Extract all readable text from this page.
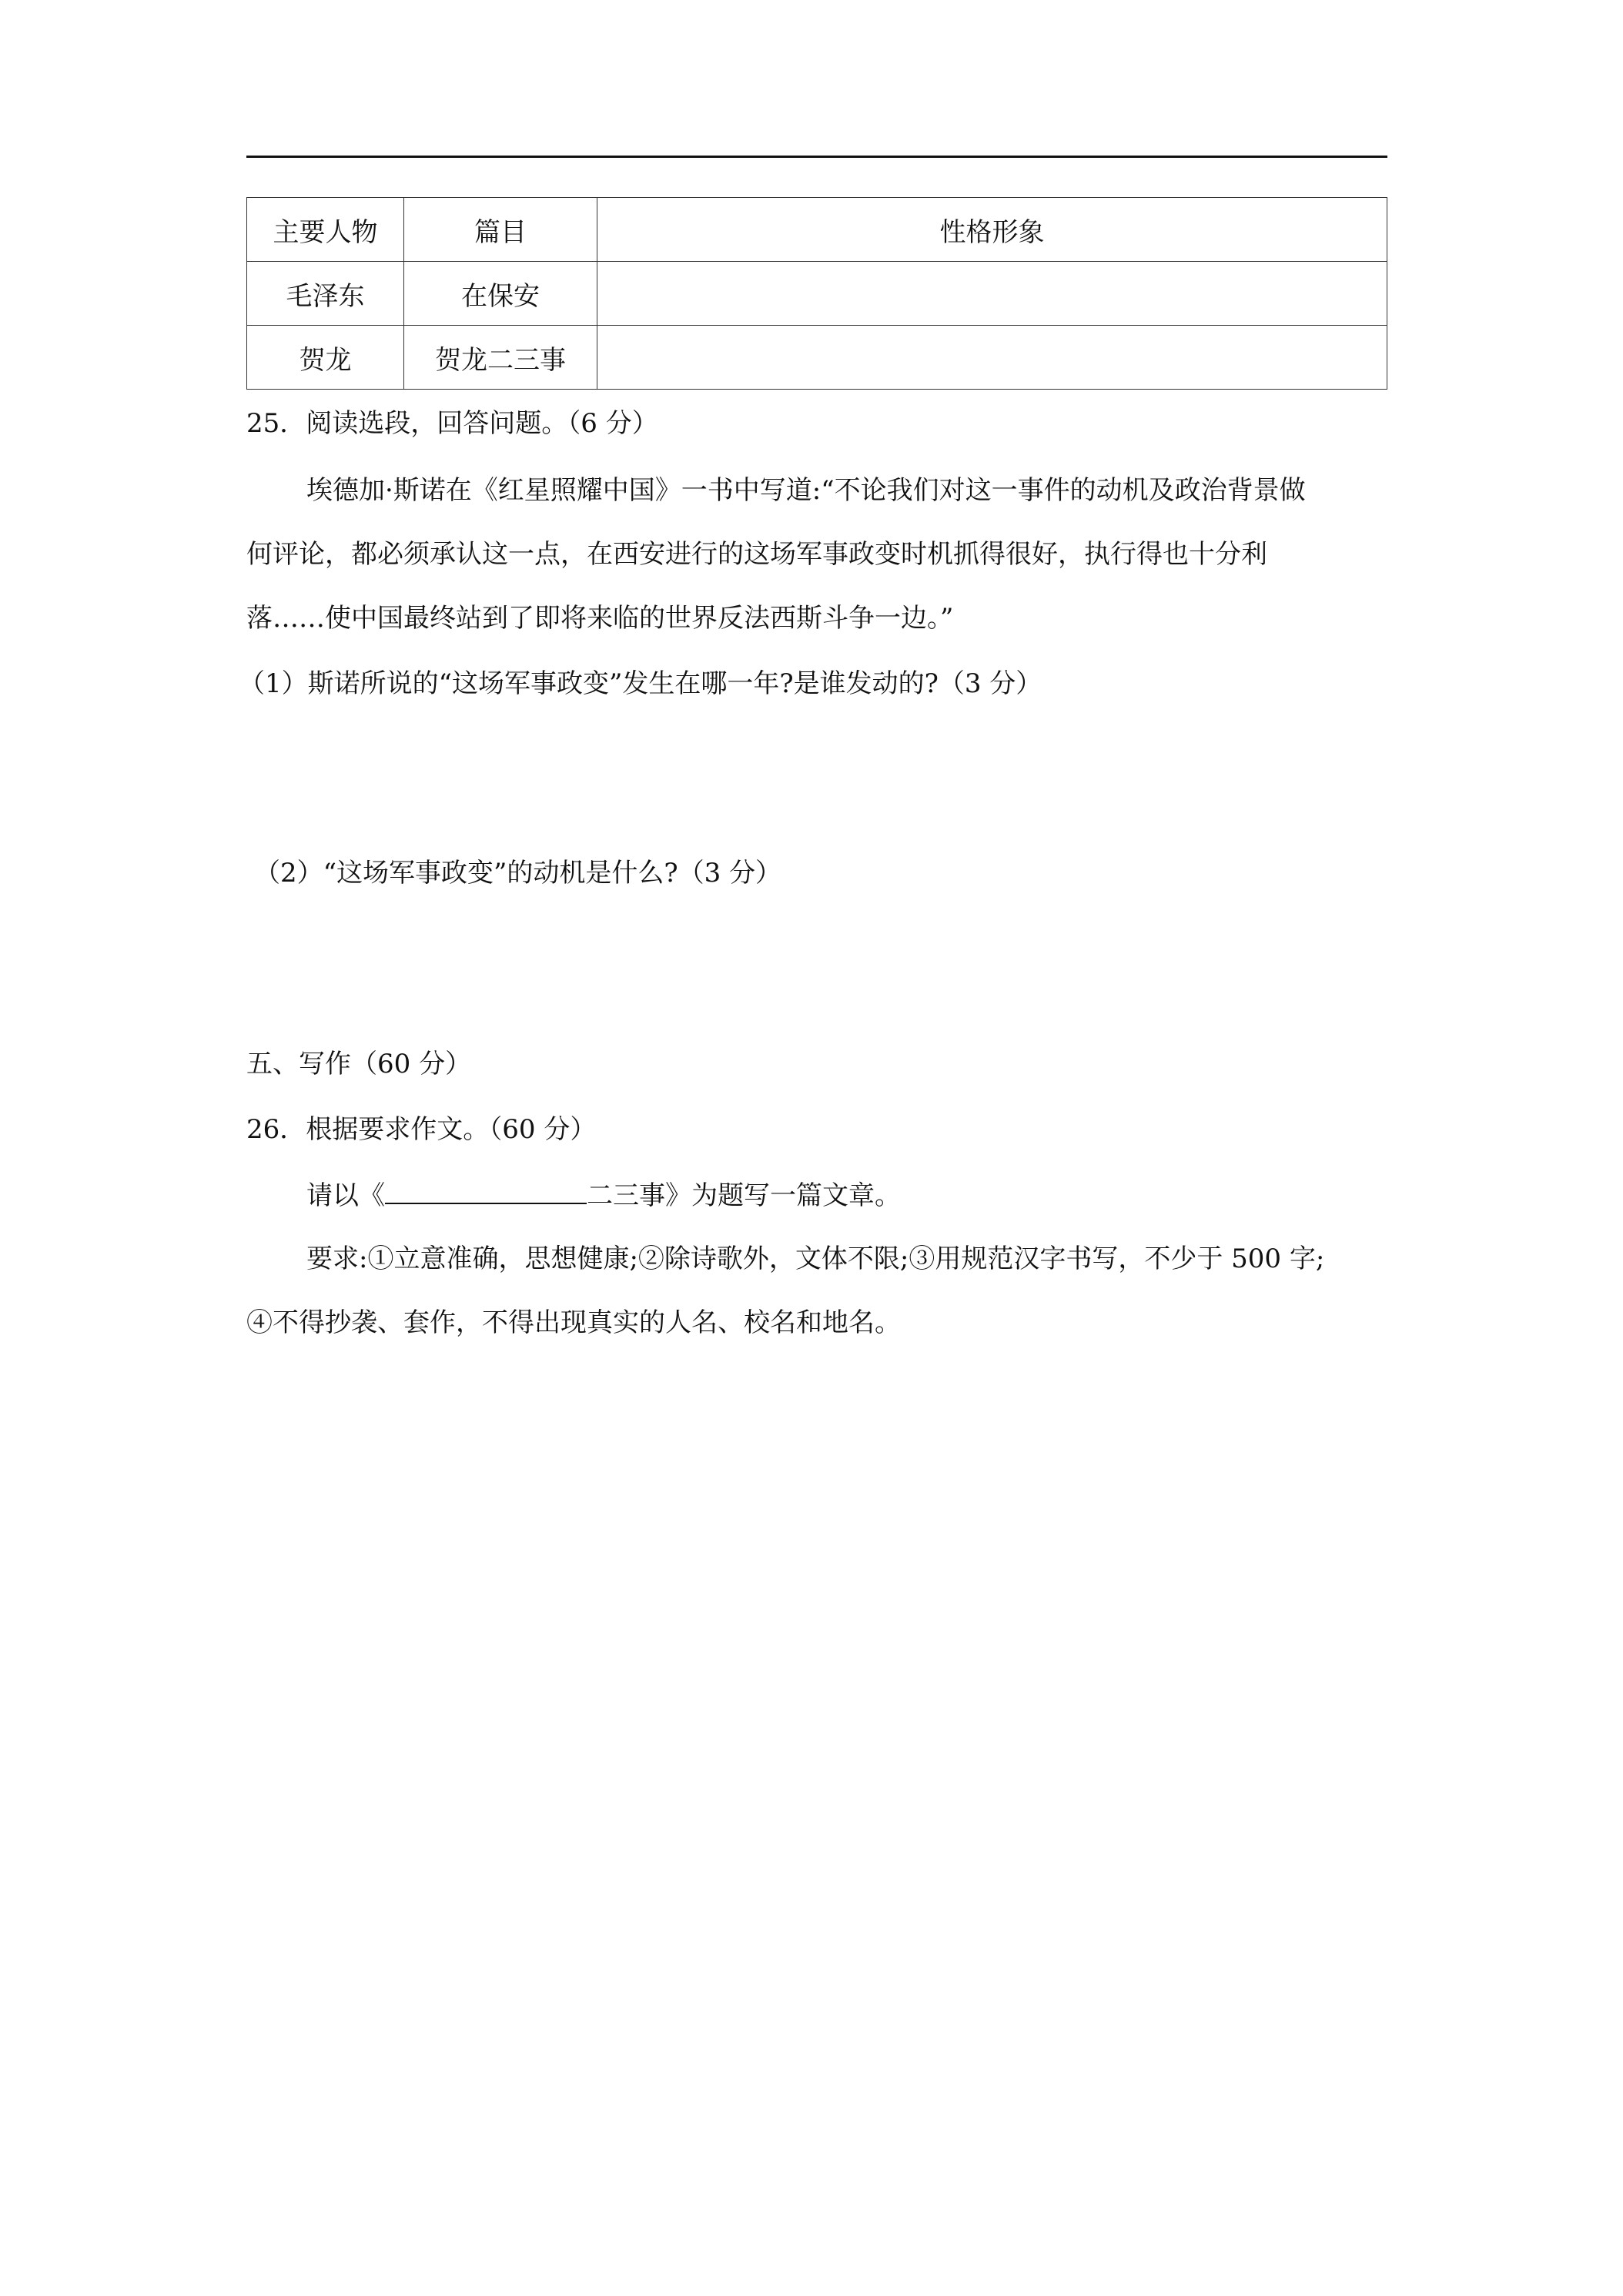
主要人物	篇目	性格形象
毛泽东	在保安	
贺龙	贺龙二三事	
25．阅读选段，回答问题。（6 分）
埃德加·斯诺在《红星照耀中国》一书中写道:“不论我们对这一事件的动机及政治背景做
何评论，都必须承认这一点，在西安进行的这场军事政变时机抓得很好，执行得也十分利
落……使中国最终站到了即将来临的世界反法西斯斗争一边。”
（1）斯诺所说的“这场军事政变”发生在哪一年?是谁发动的?（3 分）
（2）“这场军事政变”的动机是什么?（3 分）
五、写作（60 分）
26．根据要求作文。（60 分）
请以《	二三事》为题写一篇文章。
要求:①立意准确，思想健康;②除诗歌外，文体不限;③用规范汉字书写，不少于 500 字;
④不得抄袭、套作，不得出现真实的人名、校名和地名。
